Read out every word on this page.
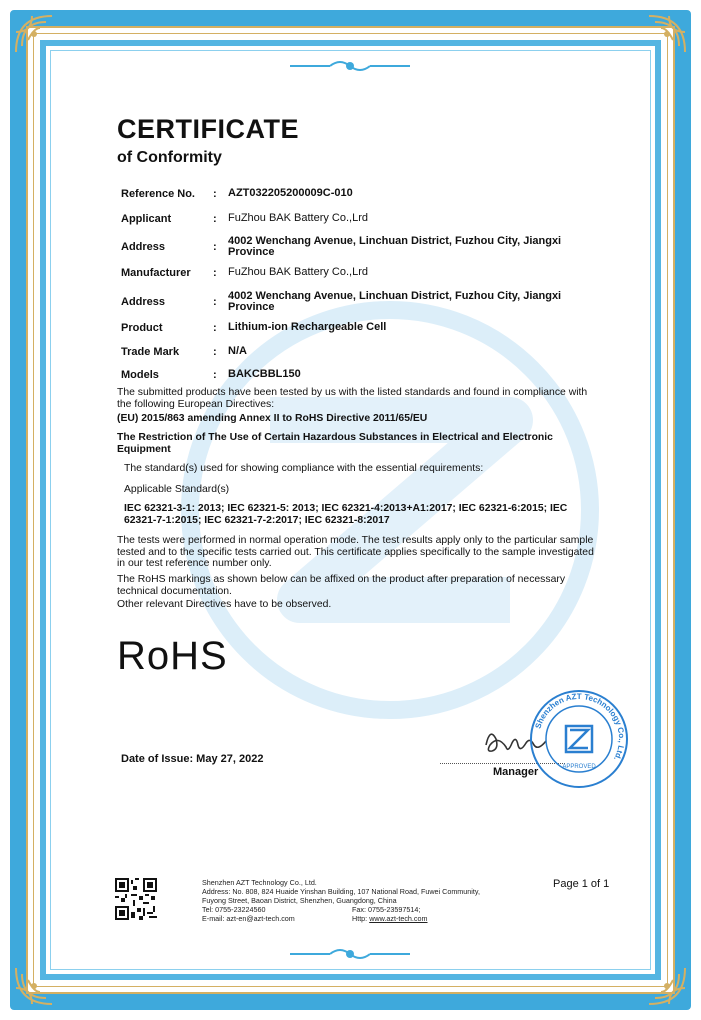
CERTIFICATE
of Conformity
Reference No. : AZT032205200009C-010
Applicant	: FuZhou BAK Battery Co.,Lrd
Address	: 4002 Wenchang Avenue, Linchuan District, Fuzhou City, Jiangxi Province
Manufacturer : FuZhou BAK Battery Co.,Lrd
Address	: 4002 Wenchang Avenue, Linchuan District, Fuzhou City, Jiangxi Province
Product	: Lithium-ion Rechargeable Cell
Trade Mark	: N/A
Models	: BAKCBBL150
The submitted products have been tested by us with the listed standards and found in compliance with the following European Directives:
(EU) 2015/863 amending Annex II to RoHS Directive 2011/65/EU
The Restriction of The Use of Certain Hazardous Substances in Electrical and Electronic Equipment
The standard(s) used for showing compliance with the essential requirements:
Applicable Standard(s)
IEC 62321-3-1: 2013; IEC 62321-5: 2013; IEC 62321-4:2013+A1:2017; IEC 62321-6:2015; IEC 62321-7-1:2015; IEC 62321-7-2:2017; IEC 62321-8:2017
The tests were performed in normal operation mode. The test results apply only to the particular sample tested and to the specific tests carried out. This certificate applies specifically to the sample investigated in our test reference number only.
The RoHS markings as shown below can be affixed on the product after preparation of necessary technical documentation.
Other relevant Directives have to be observed.
RoHS
Date of Issue: May 27, 2022
Manager
Shenzhen AZT Technology Co., Ltd.
APPROVED
Shenzhen AZT Technology Co., Ltd.
Address: No. 808, 824 Huaide Yinshan Building, 107 National Road, Fuwei Community,
Fuyong Street, Baoan District, Shenzhen, Guangdong, China
Tel: 0755-23224560	Fax: 0755-23597514;
E-mail: azt-en@azt-tech.com	Http: www.azt-tech.com
Page 1 of 1
